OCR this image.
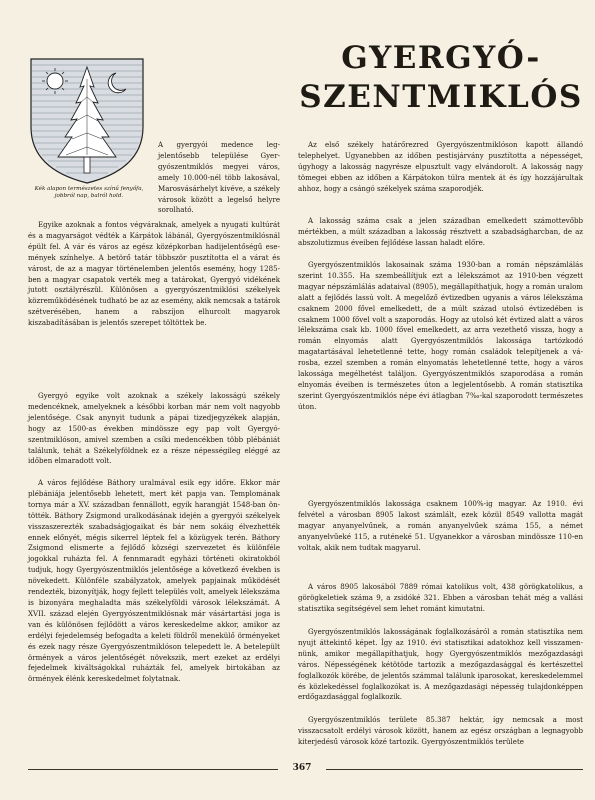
Kék alapon természetes színű fenyőfa, jobbról nap, balról hold.
GYERGYÓ-
SZENTMIKLÓS

A gyergyói medence legjelentősebb települése Gyergyószentmiklós megyei város, amely 10.000-nél több lakosával, Marosvásárhelyt kivéve, a székely városok között a legelső helyre sorolható.

Egyike azoknak a fontos végváraknak, amelyek a nyugati kultúrát és a magyarságot védték a Kárpátok lábánál, Gyergyószentmiklósnál épült fel. A vár és város az egész középkorban hadijelentőségű események színhelye. A betörő tatár többször pusztította el a várat és várost, de az a magyar történelemben jelentős esemény, hogy 1285-ben a magyar csapatok verték meg a tatárokat, Gyergyó vidékének jutott osztályrészül. Különösen a gyergyószentmiklósi székelyek közreműködésének tudható be az az esemény, akik nemcsak a tatárok szétverésében, hanem a rabszíjon elhurcolt magyarok kiszabadításában is jelentős szerepet töltöttek be.

Gyergyó egyike volt azoknak a székely lakosságú székely medencéknek, amelyeknek a későbbi korban már nem volt nagyobb jelentősége. Csak anynyit tudunk a pápai tizedjegyzékek alapján, hogy az 1500-as években mindössze egy pap volt Gyergyószentmiklóson, amivel szemben a csíki medencékben több plébániát találunk, tehát a Székelyföldnek ez a része népességileg eléggé az időben elmaradott volt.

A város fejlődése Báthory uralmával esik egy időre. Ekkor már plébániája jelentősebb lehetett, mert két papja van. Templomának tornya már a XV. században fennállott, egyik harangját 1548-ban öntötték. Báthory Zsigmond uralkodásának idején a gyergyói székelyek visszaszerezték szabadságjogaikat és bár nem sokáig élvezhették ennek előnyét, mégis sikerrel léptek fel a közügyek terén. Báthory Zsigmond elismerte a fejlődő községi szervezetet és különféle jogokkal ruházta fel. A fennmaradt egyházi történeti okiratokból tudjuk, hogy Gyergyószentmiklós jelentősége a következő években is növekedett. Különféle szabályzatok, amelyek papjainak működését rendezték, bizonyítják, hogy fejlett település volt, amelyek lélekszáma is bizonyára meghaladta más székelyföldi városok lélekszámát. A XVII. század elején Gyergyószentmiklósnak már vásártartási joga is van és különösen fejlődött a város kereskedelme akkor, amikor az erdélyi fejedelemség befogadta a keleti földről menekülő örményeket és ezek nagy része Gyergyószentmiklóson telepedett le. A betelepült örmények a város jelentőségét növekszik, mert ezeket az erdélyi fejedelmek kiváltságokkal ruházták fel, amelyek birtokában az örmények élénk kereskedelmet folytatnak.

Az első székely határőrezred Gyergyószentmiklóson kapott állandó telephelyet. Ugyanebben az időben pestisjárvány pusztította a népességet, úgyhogy a lakosság nagyrésze elpusztult vagy elvándorolt. A lakosság nagy tömegei ebben az időben a Kárpátokon túlra mentek át és így hozzájárultak ahhoz, hogy a csángó székelyek száma szaporodjék.

A lakosság száma csak a jelen században emelkedett számottevőbb mértékben, a múlt században a lakosság résztvett a szabadságharcban, de az abszolutizmus éveiben fejlődése lassan haladt előre.

Gyergyószentmiklós lakosainak száma 1930-ban a román népszámlálás szerint 10.355. Ha szembeállítjuk ezt a lélekszámot az 1910-ben végzett magyar népszámlálás adataival (8905), megállapíthatjuk, hogy a román uralom alatt a fejlődés lassú volt. A megelőző évtizedben ugyanis a város lélekszáma csaknem 2000 fővel emelkedett, de a múlt század utolsó évtizedében is csaknem 1000 fővel volt a szaporodás. Hogy az utolsó két évtized alatt a város lélekszáma csak kb. 1000 fővel emelkedett, az arra vezethető vissza, hogy a román elnyomás alatt Gyergyószentmiklós lakossága tartózkodó magatartásával lehetetlenné tette, hogy román családok telepítjenek a városba, ezzel szemben a román elnyomatás lehetetlenné tette, hogy a város lakossága megélhetést találjon. Gyergyószentmiklós szaporodása a román elnyomás éveiben is természetes úton a legjelentősebb. A román statisztika szerint Gyergyószentmiklós népe évi átlagban 7‰-kal szaporodott természetes úton.

Gyergyószentmiklós lakossága csaknem 100%-ig magyar. Az 1910. évi felvétel a városban 8905 lakost számlált, ezek közül 8549 vallotta magát magyar anyanyelvűnek, a román anyanyelvűek száma 155, a német anyanyelvűeké 115, a ruténeké 51. Ugyanekkor a városban mindössze 110-en voltak, akik nem tudtak magyarul.

A város 8905 lakosából 7889 római katolikus volt, 438 görögkatolikus, a görögkeletiek száma 9, a zsidóké 321. Ebben a városban tehát még a vallási statisztika segítségével sem lehet románt kimutatni.

Gyergyószentmiklós lakosságának foglalkozásáról a román statisztika nem nyujt áttekintő képet. Így az 1910. évi statisztikai adatokhoz kell visszamennünk, amikor megállapíthatjuk, hogy Gyergyószentmiklós mezőgazdasági város. Népességének kétötöde tartozik a mezőgazdasággal és kertészettel foglalkozók körébe, de jelentős számmal találunk iparosokat, kereskedelemmel és közlekedéssel foglalkozókat is. A mezőgazdasági népesség tulajdonképpen erdőgazdasággal foglalkozik.

Gyergyószentmiklós területe 85.387 hektár, így nemcsak a most visszacsatolt erdélyi városok között, hanem az egész országban a legnagyobb kiterjedésű városok közé tartozik. Gyergyószentmiklós területe

367
